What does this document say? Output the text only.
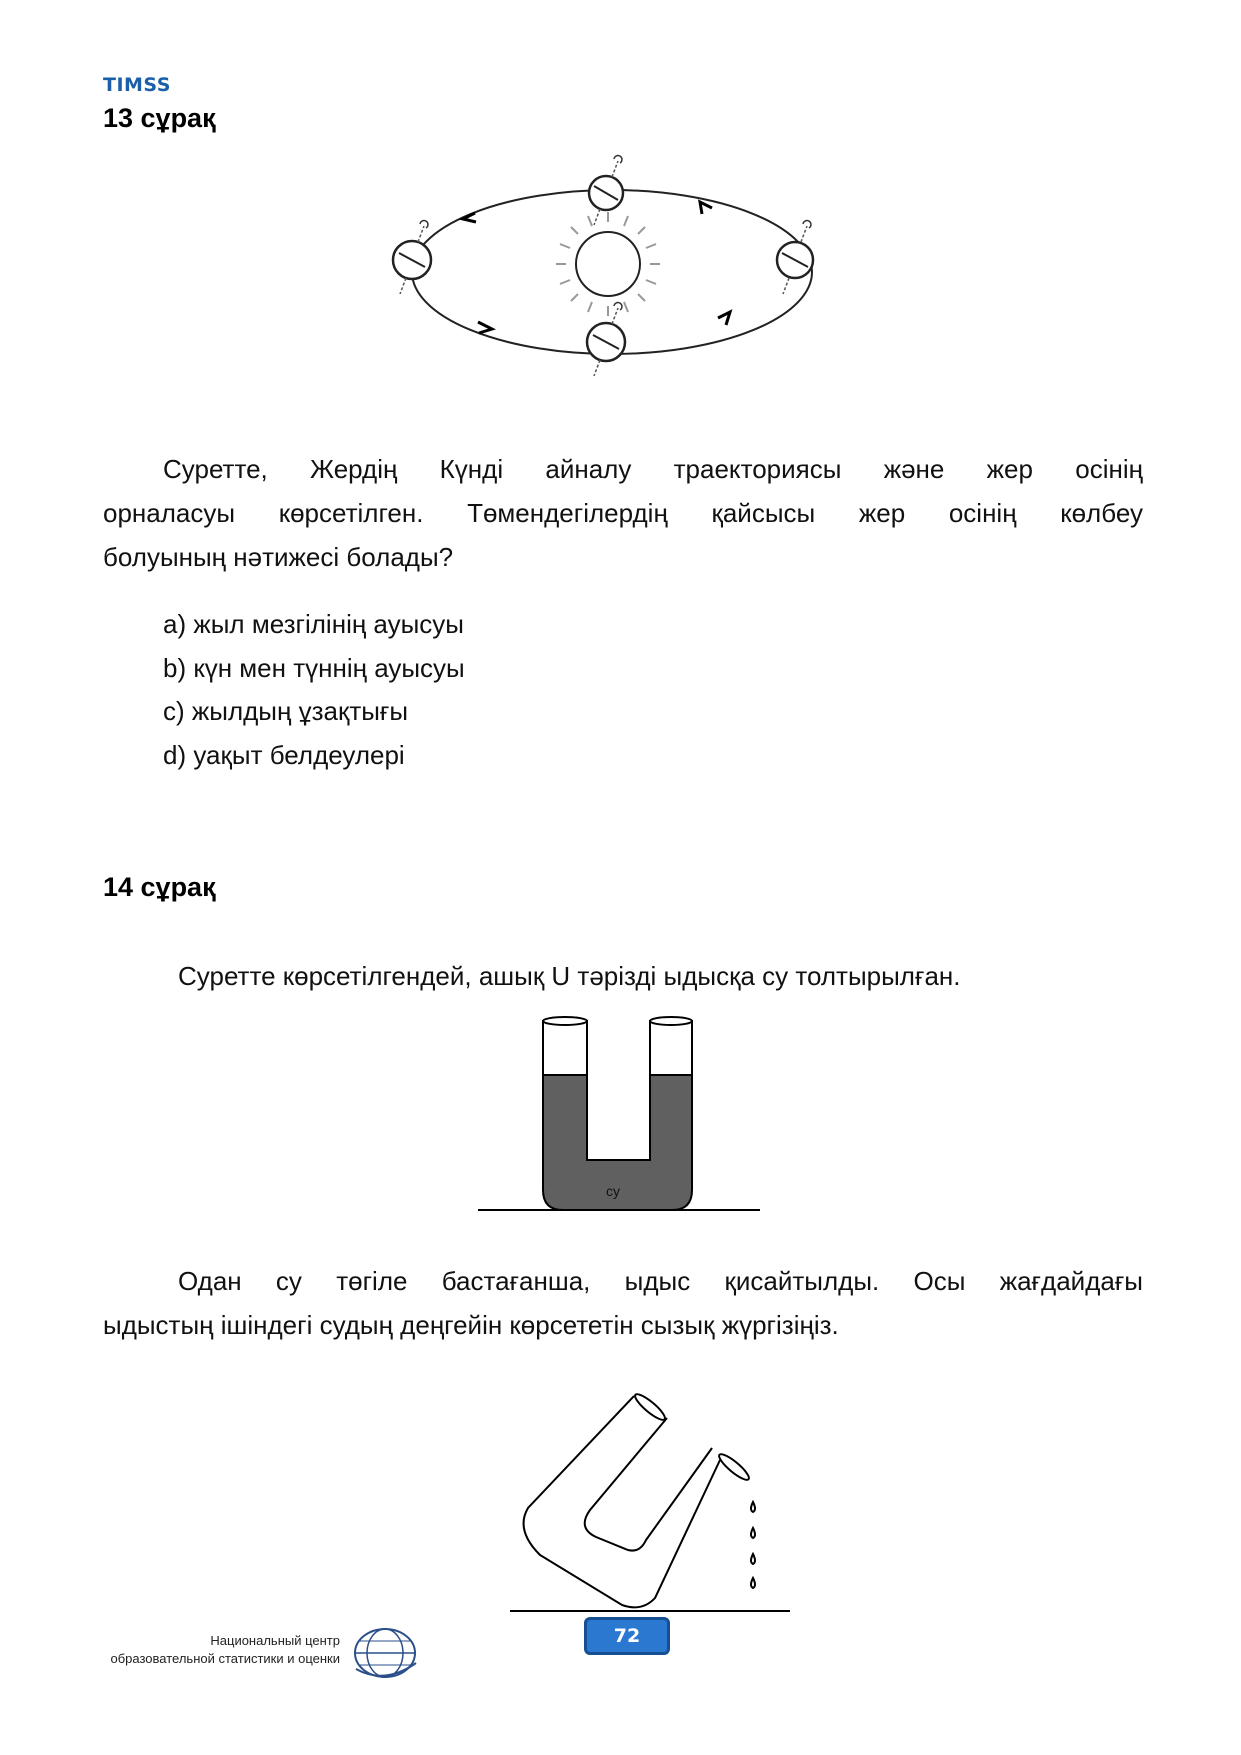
TIMSS
13 сұрақ
Суретте, Жердің Күнді айналу траекториясы және жер осінің
орналасуы көрсетілген. Төмендегілердің қайсысы жер осінің көлбеу
болуының нәтижесі болады?
a) жыл мезгілінің ауысуы
b) күн мен түннің ауысуы
c) жылдың ұзақтығы
d) уақыт белдеулері
14 сұрақ
Суретте көрсетілгендей, ашық U тәрізді ыдысқа су толтырылған.
су
Одан су төгіле бастағанша, ыдыс қисайтылды. Осы жағдайдағы
ыдыстың ішіндегі судың деңгейін көрсететін сызық жүргізіңіз.
72
Национальный центр
образовательной статистики и оценки
